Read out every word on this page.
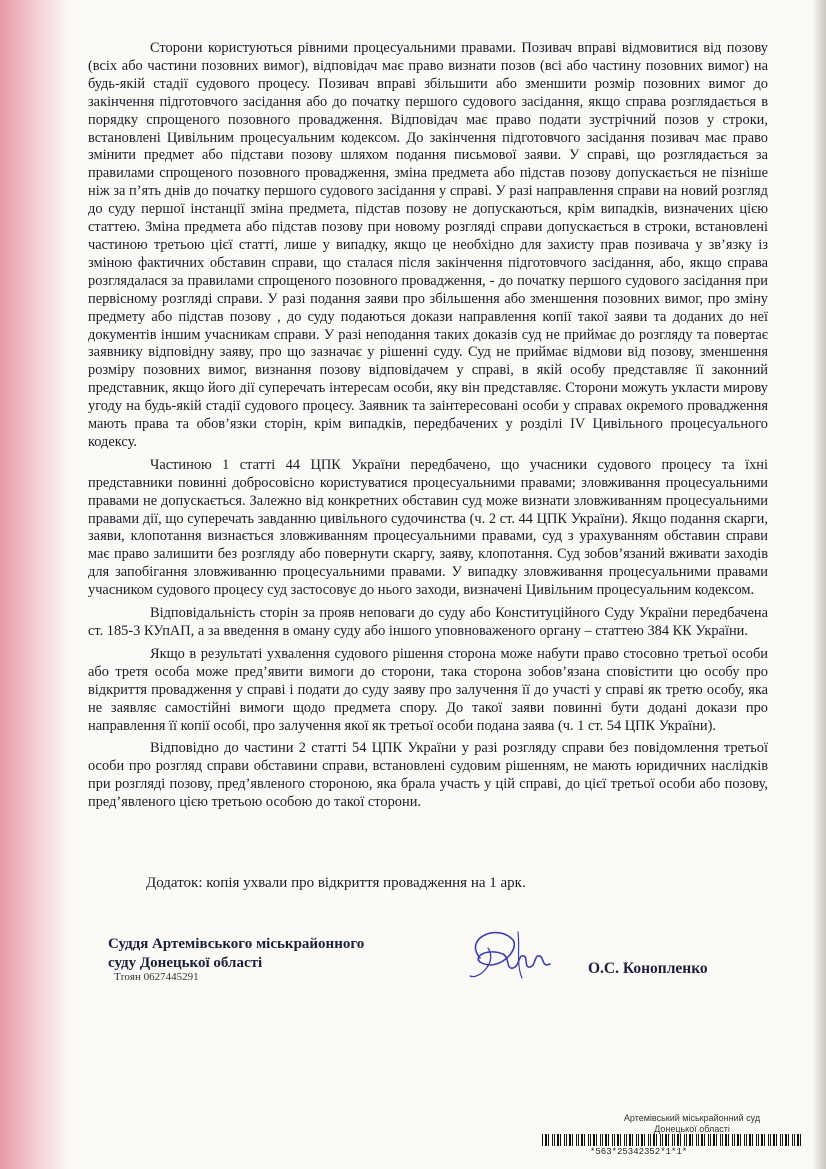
Сторони користуються рівними процесуальними правами. Позивач вправі відмовитися від позову (всіх або частини позовних вимог), відповідач має право визнати позов (всі або частину позовних вимог) на будь-якій стадії судового процесу. Позивач вправі збільшити або зменшити розмір позовних вимог до закінчення підготовчого засідання або до початку першого судового засідання, якщо справа розглядається в порядку спрощеного позовного провадження. Відповідач має право подати зустрічний позов у строки, встановлені Цивільним процесуальним кодексом. До закінчення підготовчого засідання позивач має право змінити предмет або підстави позову шляхом подання письмової заяви. У справі, що розглядається за правилами спрощеного позовного провадження, зміна предмета або підстав позову допускається не пізніше ніж за п’ять днів до початку першого судового засідання у справі. У разі направлення справи на новий розгляд до суду першої інстанції зміна предмета, підстав позову не допускаються, крім випадків, визначених цією статтею. Зміна предмета або підстав позову при новому розгляді справи допускається в строки, встановлені частиною третьою цієї статті, лише у випадку, якщо це необхідно для захисту прав позивача у зв’язку із зміною фактичних обставин справи, що сталася після закінчення підготовчого засідання, або, якщо справа розглядалася за правилами спрощеного позовного провадження, - до початку першого судового засідання при первісному розгляді справи. У разі подання заяви про збільшення або зменшення позовних вимог, про зміну предмету або підстав позову , до суду подаються докази направлення копії такої заяви та доданих до неї документів іншим учасникам справи. У разі неподання таких доказів суд не приймає до розгляду та повертає заявнику відповідну заяву, про що зазначає у рішенні суду. Суд не приймає відмови від позову, зменшення розміру позовних вимог, визнання позову відповідачем у справі, в якій особу представляє її законний представник, якщо його дії суперечать інтересам особи, яку він представляє. Сторони можуть укласти мирову угоду на будь-якій стадії судового процесу. Заявник та заінтересовані особи у справах окремого провадження мають права та обов’язки сторін, крім випадків, передбачених у розділі IV Цивільного процесуального кодексу.

Частиною 1 статті 44 ЦПК України передбачено, що учасники судового процесу та їхні представники повинні добросовісно користуватися процесуальними правами; зловживання процесуальними правами не допускається. Залежно від конкретних обставин суд може визнати зловживанням процесуальними правами дії, що суперечать завданню цивільного судочинства (ч. 2 ст. 44 ЦПК України). Якщо подання скарги, заяви, клопотання визнається зловживанням процесуальними правами, суд з урахуванням обставин справи має право залишити без розгляду або повернути скаргу, заяву, клопотання. Суд зобов’язаний вживати заходів для запобігання зловживанню процесуальними правами. У випадку зловживання процесуальними правами учасником судового процесу суд застосовує до нього заходи, визначені Цивільним процесуальним кодексом.

Відповідальність сторін за прояв неповаги до суду або Конституційного Суду України передбачена ст. 185-3 КУпАП, а за введення в оману суду або іншого уповноваженого органу – статтею 384 КК України.

Якщо в результаті ухвалення судового рішення сторона може набути право стосовно третьої особи або третя особа може пред’явити вимоги до сторони, така сторона зобов’язана сповістити цю особу про відкриття провадження у справі і подати до суду заяву про залучення її до участі у справі як третю особу, яка не заявляє самостійні вимоги щодо предмета спору. До такої заяви повинні бути додані докази про направлення її копії особі, про залучення якої як третьої особи подана заява (ч. 1 ст. 54 ЦПК України).

Відповідно до частини 2 статті 54 ЦПК України у разі розгляду справи без повідомлення третьої особи про розгляд справи обставини справи, встановлені судовим рішенням, не мають юридичних наслідків при розгляді позову, пред’явленого стороною, яка брала участь у цій справі, до цієї третьої особи або позову, пред’явленого цією третьою особою до такої сторони.

Додаток: копія ухвали про відкриття провадження на 1 арк.
Суддя Артемівського міськрайонного
суду Донецької області
Тroян 0627445291	О.С. Конопленко
Артемівський міськрайонний суд
Донецької області
*563*25342352*1*1*
